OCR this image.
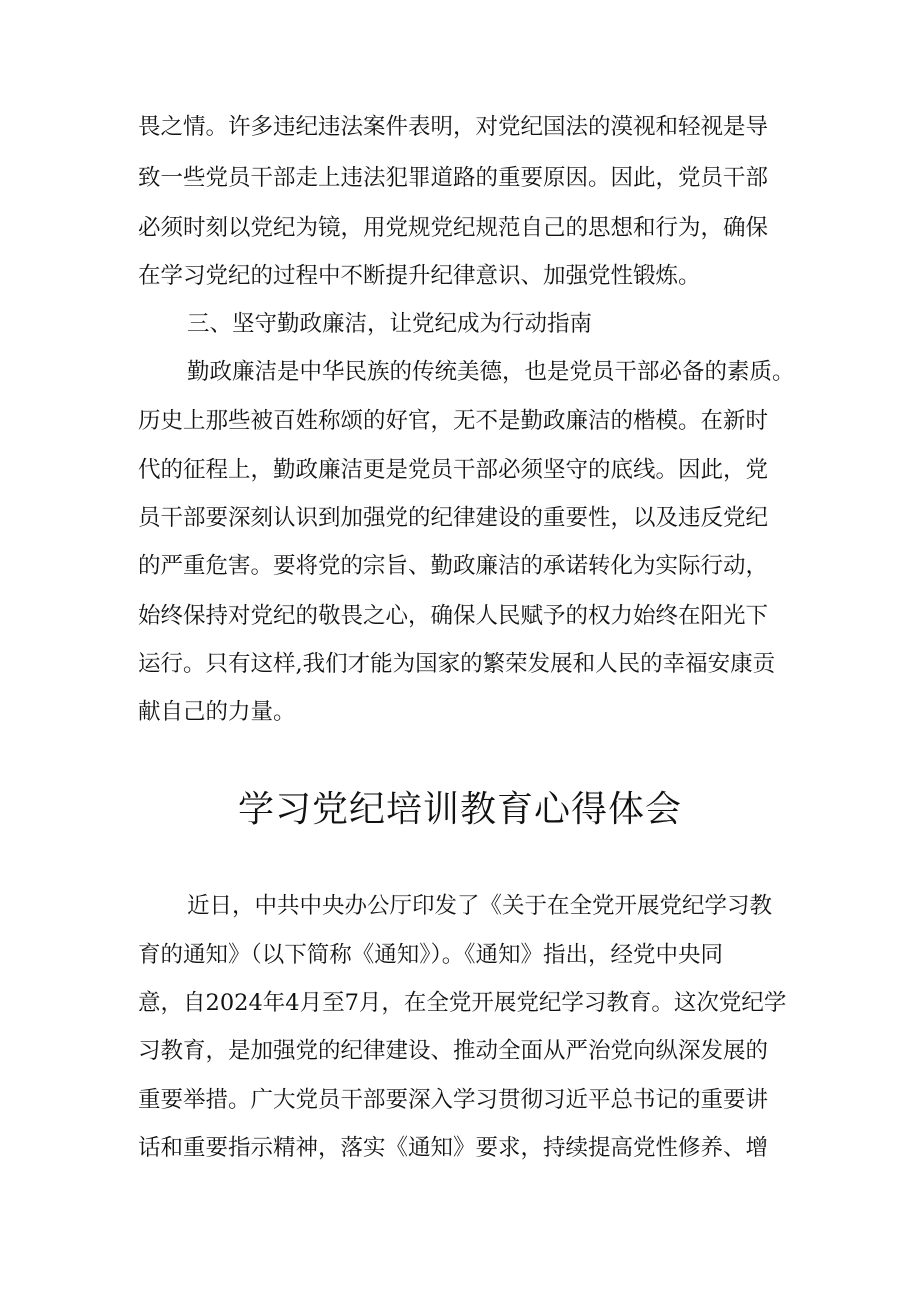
畏之情。许多违纪违法案件表明，对党纪国法的漠视和轻视是导
致一些党员干部走上违法犯罪道路的重要原因。因此，党员干部
必须时刻以党纪为镜，用党规党纪规范自己的思想和行为，确保
在学习党纪的过程中不断提升纪律意识、加强党性锻炼。
三、坚守勤政廉洁，让党纪成为行动指南
勤政廉洁是中华民族的传统美德，也是党员干部必备的素质。
历史上那些被百姓称颂的好官，无不是勤政廉洁的楷模。在新时
代的征程上，勤政廉洁更是党员干部必须坚守的底线。因此，党
员干部要深刻认识到加强党的纪律建设的重要性，以及违反党纪
的严重危害。要将党的宗旨、勤政廉洁的承诺转化为实际行动，
始终保持对党纪的敬畏之心，确保人民赋予的权力始终在阳光下
运行。只有这样,我们才能为国家的繁荣发展和人民的幸福安康贡
献自己的力量。
学习党纪培训教育心得体会
近日，中共中央办公厅印发了《关于在全党开展党纪学习教
育的通知》（以下简称《通知》）。《通知》指出，经党中央同
意，自2024年4月至7月，在全党开展党纪学习教育。这次党纪学
习教育，是加强党的纪律建设、推动全面从严治党向纵深发展的
重要举措。广大党员干部要深入学习贯彻习近平总书记的重要讲
话和重要指示精神，落实《通知》要求，持续提高党性修养、增
